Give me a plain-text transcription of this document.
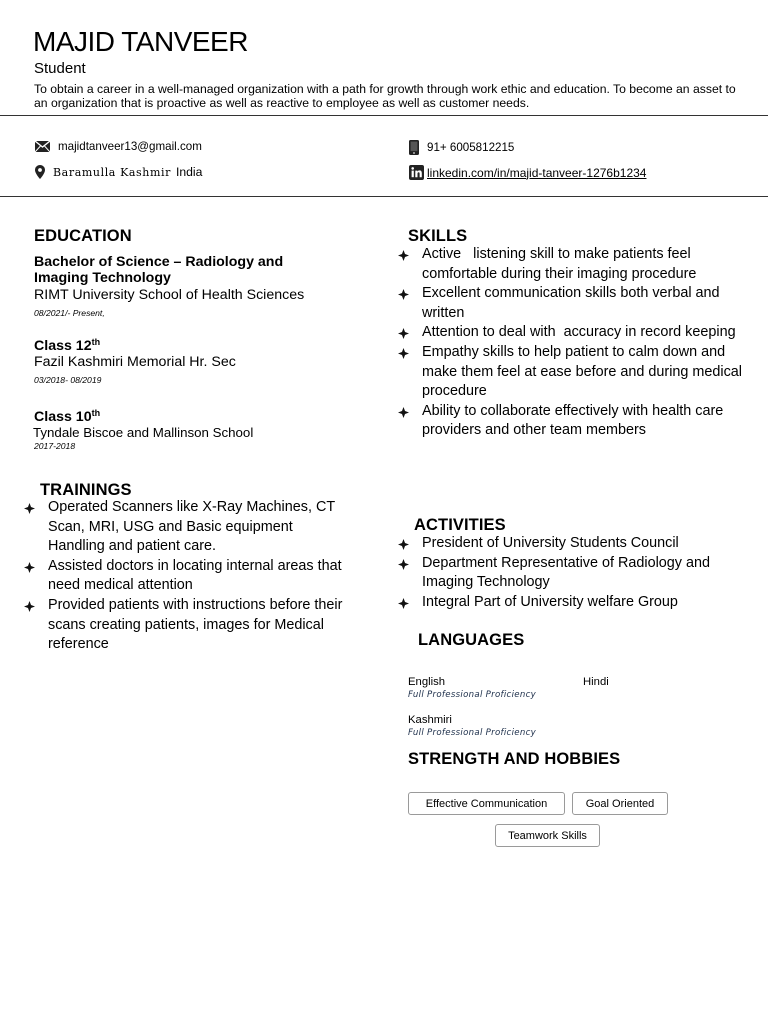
MAJID TANVEER
Student
To obtain a career in a well-managed organization with a path for growth through work ethic and education. To become an asset to an organization that is proactive as well as reactive to employee as well as customer needs.
majidtanveer13@gmail.com	91+ 6005812215
Baramulla Kashmir India	linkedin.com/in/majid-tanveer-1276b1234
EDUCATION
Bachelor of Science – Radiology and Imaging Technology
RIMT University School of Health Sciences
08/2021/- Present,
Class 12th
Fazil Kashmiri Memorial Hr. Sec
03/2018- 08/2019
Class 10th
Tyndale Biscoe and Mallinson School
2017-2018
TRAININGS
Operated Scanners like X-Ray Machines, CT Scan, MRI, USG and Basic equipment Handling and patient care.
Assisted doctors in locating internal areas that need medical attention
Provided patients with instructions before their scans creating patients, images for Medical reference
SKILLS
Active   listening skill to make patients feel comfortable during their imaging procedure
Excellent communication skills both verbal and written
Attention to deal with  accuracy in record keeping
Empathy skills to help patient to calm down and make them feel at ease before and during medical procedure
Ability to collaborate effectively with health care providers and other team members
ACTIVITIES
President of University Students Council
Department Representative of Radiology and Imaging Technology
Integral Part of University welfare Group
LANGUAGES
English
Full Professional Proficiency
Hindi
Kashmiri
Full Professional Proficiency
STRENGTH AND HOBBIES
Effective Communication	Goal Oriented
Teamwork Skills
